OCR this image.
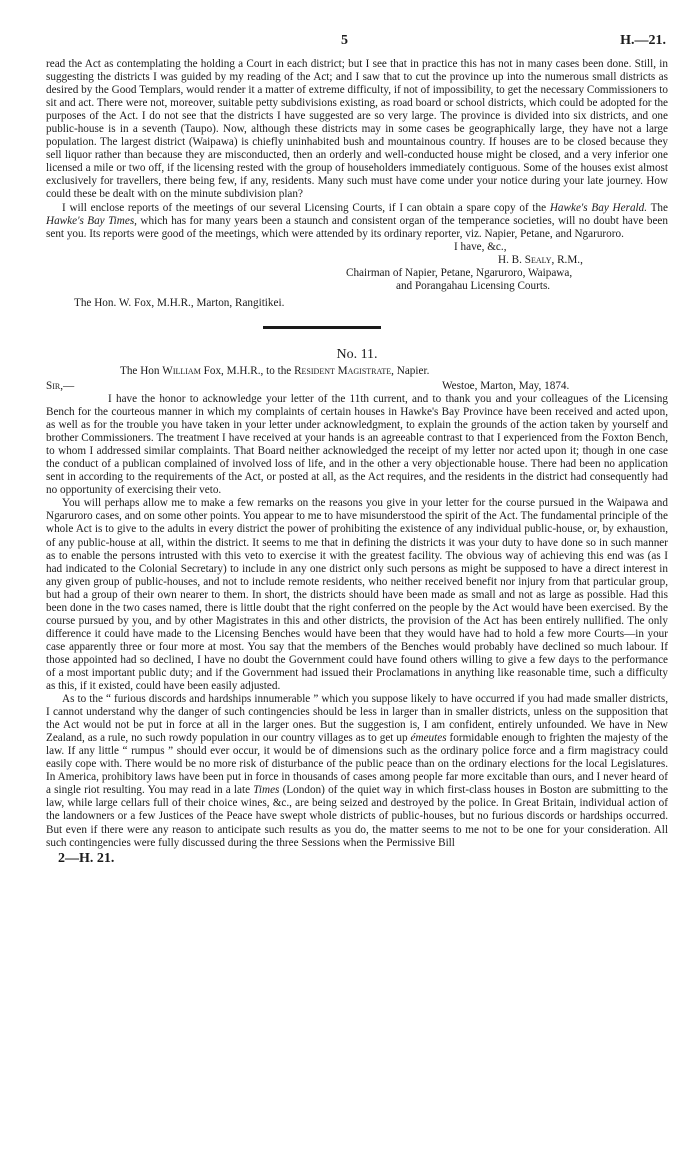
5	H.—21.

read the Act as contemplating the holding a Court in each district; but I see that in practice this has not in many cases been done. Still, in suggesting the districts I was guided by my reading of the Act; and I saw that to cut the province up into the numerous small districts as desired by the Good Templars, would render it a matter of extreme difficulty, if not of impossibility, to get the necessary Commissioners to sit and act. There were not, moreover, suitable petty subdivisions existing, as road board or school districts, which could be adopted for the purposes of the Act. I do not see that the districts I have suggested are so very large. The province is divided into six districts, and one public-house is in a seventh (Taupo). Now, although these districts may in some cases be geographically large, they have not a large population. The largest district (Waipawa) is chiefly uninhabited bush and mountainous country. If houses are to be closed because they sell liquor rather than because they are misconducted, then an orderly and well-conducted house might be closed, and a very inferior one licensed a mile or two off, if the licensing rested with the group of householders immediately contiguous. Some of the houses exist almost exclusively for travellers, there being few, if any, residents. Many such must have come under your notice during your late journey. How could these be dealt with on the minute subdivision plan?

I will enclose reports of the meetings of our several Licensing Courts, if I can obtain a spare copy of the Hawke's Bay Herald. The Hawke's Bay Times, which has for many years been a staunch and consistent organ of the temperance societies, will no doubt have been sent you. Its reports were good of the meetings, which were attended by its ordinary reporter, viz. Napier, Petane, and Ngaruroro.

I have, &c.,

H. B. Sealy, R.M.,

Chairman of Napier, Petane, Ngaruroro, Waipawa,

and Porangahau Licensing Courts.

The Hon. W. Fox, M.H.R., Marton, Rangitikei.

No. 11.

The Hon William Fox, M.H.R., to the Resident Magistrate, Napier.

Sir,—	Westoe, Marton, May, 1874.

I have the honor to acknowledge your letter of the 11th current, and to thank you and your colleagues of the Licensing Bench for the courteous manner in which my complaints of certain houses in Hawke's Bay Province have been received and acted upon, as well as for the trouble you have taken in your letter under acknowledgment, to explain the grounds of the action taken by yourself and brother Commissioners. The treatment I have received at your hands is an agreeable contrast to that I experienced from the Foxton Bench, to whom I addressed similar complaints. That Board neither acknowledged the receipt of my letter nor acted upon it; though in one case the conduct of a publican complained of involved loss of life, and in the other a very objectionable house. There had been no application sent in according to the requirements of the Act, or posted at all, as the Act requires, and the residents in the district had consequently had no opportunity of exercising their veto.

You will perhaps allow me to make a few remarks on the reasons you give in your letter for the course pursued in the Waipawa and Ngaruroro cases, and on some other points. You appear to me to have misunderstood the spirit of the Act. The fundamental principle of the whole Act is to give to the adults in every district the power of prohibiting the existence of any individual public-house, or, by exhaustion, of any public-house at all, within the district. It seems to me that in defining the districts it was your duty to have done so in such manner as to enable the persons intrusted with this veto to exercise it with the greatest facility. The obvious way of achieving this end was (as I had indicated to the Colonial Secretary) to include in any one district only such persons as might be supposed to have a direct interest in any given group of public-houses, and not to include remote residents, who neither received benefit nor injury from that particular group, but had a group of their own nearer to them. In short, the districts should have been made as small and not as large as possible. Had this been done in the two cases named, there is little doubt that the right conferred on the people by the Act would have been exercised. By the course pursued by you, and by other Magistrates in this and other districts, the provision of the Act has been entirely nullified. The only difference it could have made to the Licensing Benches would have been that they would have had to hold a few more Courts—in your case apparently three or four more at most. You say that the members of the Benches would probably have declined so much labour. If those appointed had so declined, I have no doubt the Government could have found others willing to give a few days to the performance of a most important public duty; and if the Government had issued their Proclamations in anything like reasonable time, such a difficulty as this, if it existed, could have been easily adjusted.

As to the “ furious discords and hardships innumerable ” which you suppose likely to have occurred if you had made smaller districts, I cannot understand why the danger of such contingencies should be less in larger than in smaller districts, unless on the supposition that the Act would not be put in force at all in the larger ones. But the suggestion is, I am confident, entirely unfounded. We have in New Zealand, as a rule, no such rowdy population in our country villages as to get up émeutes formidable enough to frighten the majesty of the law. If any little “ rumpus ” should ever occur, it would be of dimensions such as the ordinary police force and a firm magistracy could easily cope with. There would be no more risk of disturbance of the public peace than on the ordinary elections for the local Legislatures. In America, prohibitory laws have been put in force in thousands of cases among people far more excitable than ours, and I never heard of a single riot resulting. You may read in a late Times (London) of the quiet way in which first-class houses in Boston are submitting to the law, while large cellars full of their choice wines, &c., are being seized and destroyed by the police. In Great Britain, individual action of the landowners or a few Justices of the Peace have swept whole districts of public-houses, but no furious discords or hardships occurred. But even if there were any reason to anticipate such results as you do, the matter seems to me not to be one for your consideration. All such contingencies were fully discussed during the three Sessions when the Permissive Bill

2—H. 21.
